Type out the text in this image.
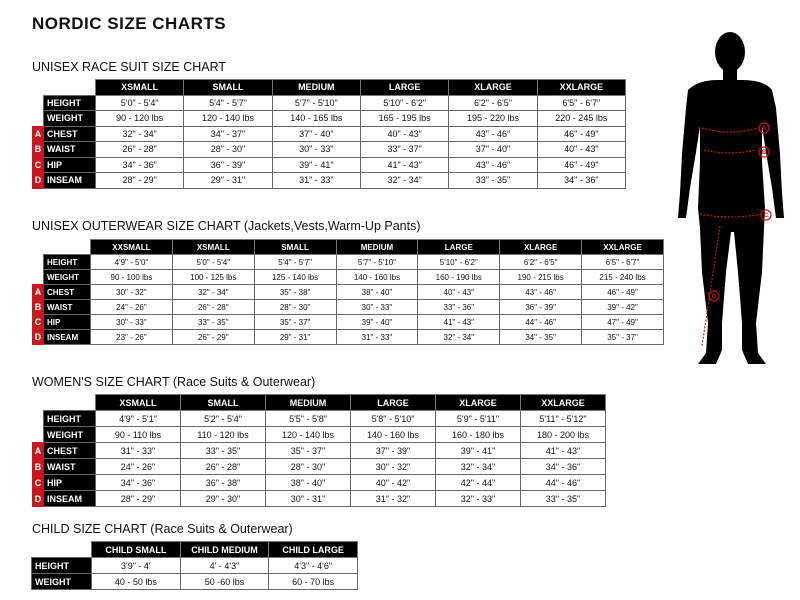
NORDIC SIZE CHARTS
UNISEX RACE SUIT SIZE CHART
		XSMALL	SMALL	MEDIUM	LARGE	XLARGE	XXLARGE
	HEIGHT	5'0" - 5'4"	5'4" - 5'7"	5'7" - 5'10"	5'10" - 6'2"	6'2" - 6'5"	6'5" - 6'7"
	WEIGHT	90 - 120 lbs	120 - 140 lbs	140 - 165 lbs	165 - 195 lbs	195 - 220 lbs	220 - 245 lbs
A	CHEST	32" - 34"	34" - 37"	37" - 40"	40" - 43"	43" - 46"	46" - 49"
B	WAIST	26" - 28"	28" - 30"	30" - 33"	33" - 37"	37" - 40"	40" - 43"
C	HIP	34" - 36"	36" - 39"	39" - 41"	41" - 43"	43" - 46"	46" - 49"
D	INSEAM	28" - 29"	29" - 31"	31" - 33"	32" - 34"	33" - 35"	34" - 36"
UNISEX OUTERWEAR SIZE CHART (Jackets,Vests,Warm-Up Pants)
		XXSMALL	XSMALL	SMALL	MEDIUM	LARGE	XLARGE	XXLARGE
	HEIGHT	4'9" - 5'0"	5'0" - 5'4"	5'4" - 5'7"	5'7" - 5'10"	5'10" - 6'2"	6'2" - 6'5"	6'5" - 6'7"
	WEIGHT	90 - 100 lbs	100 - 125 lbs	125 - 140 lbs	140 - 160 lbs	160 - 190 lbs	190 - 215 lbs	215 - 240 lbs
A	CHEST	30" - 32"	32" - 34"	35" - 38"	38" - 40"	40" - 43"	43" - 46"	46" - 49"
B	WAIST	24" - 26"	26" - 28"	28" - 30"	30" - 33"	33" - 36"	36" - 39"	39" - 42"
C	HIP	30" - 33"	33" - 35"	35" - 37"	39" - 40"	41" - 43"	44" - 46"	47" - 49"
D	INSEAM	23" - 26"	26" - 29"	29" - 31"	31" - 33"	32" - 34"	34" - 35"	35" - 37"
WOMEN'S SIZE CHART (Race Suits & Outerwear)
		XSMALL	SMALL	MEDIUM	LARGE	XLARGE	XXLARGE
	HEIGHT	4'9" - 5'1"	5'2" - 5'4"	5'5" - 5'8"	5'8" - 5'10"	5'9" - 5'11"	5'11" - 5'12"
	WEIGHT	90 - 110 lbs	110 - 120 lbs	120 - 140 lbs	140 - 160 lbs	160 - 180 lbs	180 - 200 lbs
A	CHEST	31" - 33"	33" - 35"	35" - 37"	37" - 39"	39" - 41"	41" - 43"
B	WAIST	24" - 26"	26" - 28"	28" - 30"	30" - 32"	32" - 34"	34" - 36"
C	HIP	34" - 36"	36" - 38"	38" - 40"	40" - 42"	42" - 44"	44" - 46"
D	INSEAM	28" - 29"	29" - 30"	30" - 31"	31" - 32"	32" - 33"	33" - 35"
CHILD SIZE CHART (Race Suits & Outerwear)
	CHILD SMALL	CHILD MEDIUM	CHILD LARGE
HEIGHT	3'9" - 4'	4' - 4'3"	4'3" - 4'6"
WEIGHT	40 - 50 lbs	50 -60 lbs	60 - 70 lbs
A
B
C
D
